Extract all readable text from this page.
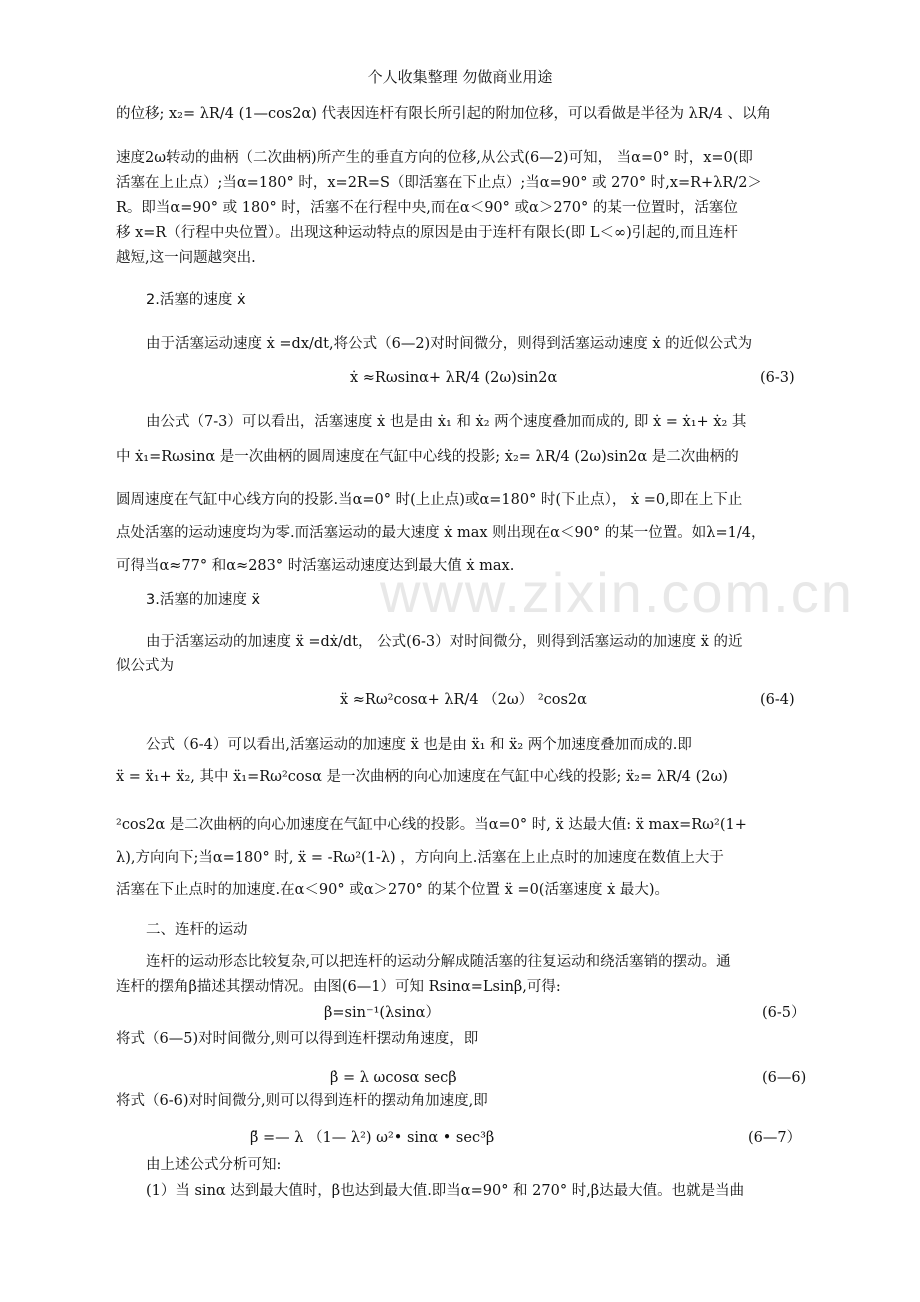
个人收集整理 勿做商业用途
www.zixin.com.cn
的位移; x₂= λR/4 (1—cos2α) 代表因连杆有限长所引起的附加位移，可以看做是半径为 λR/4 、以角
速度2ω转动的曲柄（二次曲柄)所产生的垂直方向的位移,从公式(6—2)可知， 当α=0° 时，x=0(即
活塞在上止点）;当α=180° 时，x=2R=S（即活塞在下止点）;当α=90° 或 270° 时,x=R+λR/2＞
R。即当α=90° 或 180° 时，活塞不在行程中央,而在α＜90° 或α＞270° 的某一位置时，活塞位
移 x=R（行程中央位置）。出现这种运动特点的原因是由于连杆有限长(即 L＜∞)引起的,而且连杆
越短,这一问题越突出.
2.活塞的速度 ẋ
由于活塞运动速度 ẋ =dx/dt,将公式（6—2)对时间微分，则得到活塞运动速度 ẋ 的近似公式为
ẋ ≈Rωsinα+ λR/4 (2ω)sin2α	(6-3)
由公式（7-3）可以看出，活塞速度 ẋ 也是由 ẋ₁ 和 ẋ₂ 两个速度叠加而成的, 即 ẋ = ẋ₁+ ẋ₂ 其
中 ẋ₁=Rωsinα 是一次曲柄的圆周速度在气缸中心线的投影; ẋ₂= λR/4 (2ω)sin2α 是二次曲柄的
圆周速度在气缸中心线方向的投影.当α=0° 时(上止点)或α=180° 时(下止点）， ẋ =0,即在上下止
点处活塞的运动速度均为零.而活塞运动的最大速度 ẋ max 则出现在α＜90° 的某一位置。如λ=1/4，
可得当α≈77° 和α≈283° 时活塞运动速度达到最大值 ẋ max.
3.活塞的加速度 ẍ
由于活塞运动的加速度 ẍ =dẋ/dt， 公式(6-3）对时间微分，则得到活塞运动的加速度 ẍ 的近
似公式为
ẍ ≈Rω²cosα+ λR/4 （2ω） ²cos2α	(6-4)
公式（6-4）可以看出,活塞运动的加速度 ẍ 也是由 ẍ₁ 和 ẍ₂ 两个加速度叠加而成的.即
ẍ = ẍ₁+ ẍ₂, 其中 ẍ₁=Rω²cosα 是一次曲柄的向心加速度在气缸中心线的投影; ẍ₂= λR/4 (2ω)
²cos2α 是二次曲柄的向心加速度在气缸中心线的投影。当α=0° 时, ẍ 达最大值: ẍ max=Rω²(1+
λ),方向向下;当α=180° 时, ẍ = -Rω²(1-λ) ，方向向上.活塞在上止点时的加速度在数值上大于
活塞在下止点时的加速度.在α＜90° 或α＞270° 的某个位置 ẍ =0(活塞速度 ẋ 最大)。
二、连杆的运动
连杆的运动形态比较复杂,可以把连杆的运动分解成随活塞的往复运动和绕活塞销的摆动。通
连杆的摆角β描述其摆动情况。由图(6—1）可知 Rsinα=Lsinβ,可得:
β=sin⁻¹(λsinα）	(6-5）
将式（6—5)对时间微分,则可以得到连杆摆动角速度，即
β̇ = λ ωcosα secβ	(6—6)
将式（6-6)对时间微分,则可以得到连杆的摆动角加速度,即
β̈ =— λ （1— λ²) ω²• sinα • sec³β	(6—7）
由上述公式分析可知:
(1）当 sinα 达到最大值时，β也达到最大值.即当α=90° 和 270° 时,β达最大值。也就是当曲
